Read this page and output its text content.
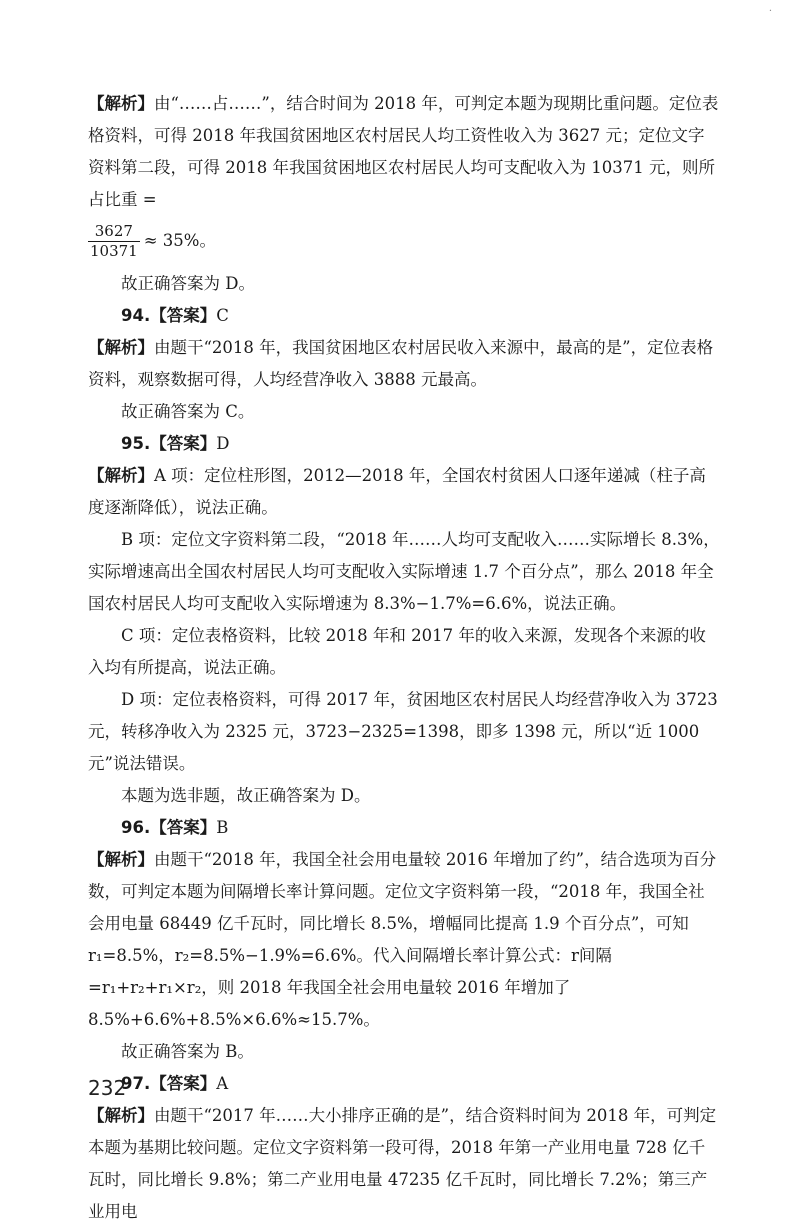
·

【解析】由“……占……”，结合时间为 2018 年，可判定本题为现期比重问题。定位表格资料，可得 2018 年我国贫困地区农村居民人均工资性收入为 3627 元；定位文字资料第二段，可得 2018 年我国贫困地区农村居民人均可支配收入为 10371 元，则所占比重 =

$\frac{3627}{10371} \approx 35\%$。

故正确答案为 D。

94.【答案】C

【解析】由题干“2018 年，我国贫困地区农村居民收入来源中，最高的是”，定位表格资料，观察数据可得，人均经营净收入 3888 元最高。

故正确答案为 C。

95.【答案】D

【解析】A 项：定位柱形图，2012—2018 年，全国农村贫困人口逐年递减（柱子高度逐渐降低），说法正确。

B 项：定位文字资料第二段，“2018 年……人均可支配收入……实际增长 8.3%，实际增速高出全国农村居民人均可支配收入实际增速 1.7 个百分点”，那么 2018 年全国农村居民人均可支配收入实际增速为 8.3%−1.7%=6.6%，说法正确。

C 项：定位表格资料，比较 2018 年和 2017 年的收入来源，发现各个来源的收入均有所提高，说法正确。

D 项：定位表格资料，可得 2017 年，贫困地区农村居民人均经营净收入为 3723 元，转移净收入为 2325 元，3723−2325=1398，即多 1398 元，所以“近 1000 元”说法错误。

本题为选非题，故正确答案为 D。

96.【答案】B

【解析】由题干“2018 年，我国全社会用电量较 2016 年增加了约”，结合选项为百分数，可判定本题为间隔增长率计算问题。定位文字资料第一段，“2018 年，我国全社会用电量 68449 亿千瓦时，同比增长 8.5%，增幅同比提高 1.9 个百分点”，可知 r₁=8.5%，r₂=8.5%−1.9%=6.6%。代入间隔增长率计算公式：r间隔=r₁+r₂+r₁×r₂，则 2018 年我国全社会用电量较 2016 年增加了 8.5%+6.6%+8.5%×6.6%≈15.7%。

故正确答案为 B。

97.【答案】A

【解析】由题干“2017 年……大小排序正确的是”，结合资料时间为 2018 年，可判定本题为基期比较问题。定位文字资料第一段可得，2018 年第一产业用电量 728 亿千瓦时，同比增长 9.8%；第二产业用电量 47235 亿千瓦时，同比增长 7.2%；第三产业用电

232
